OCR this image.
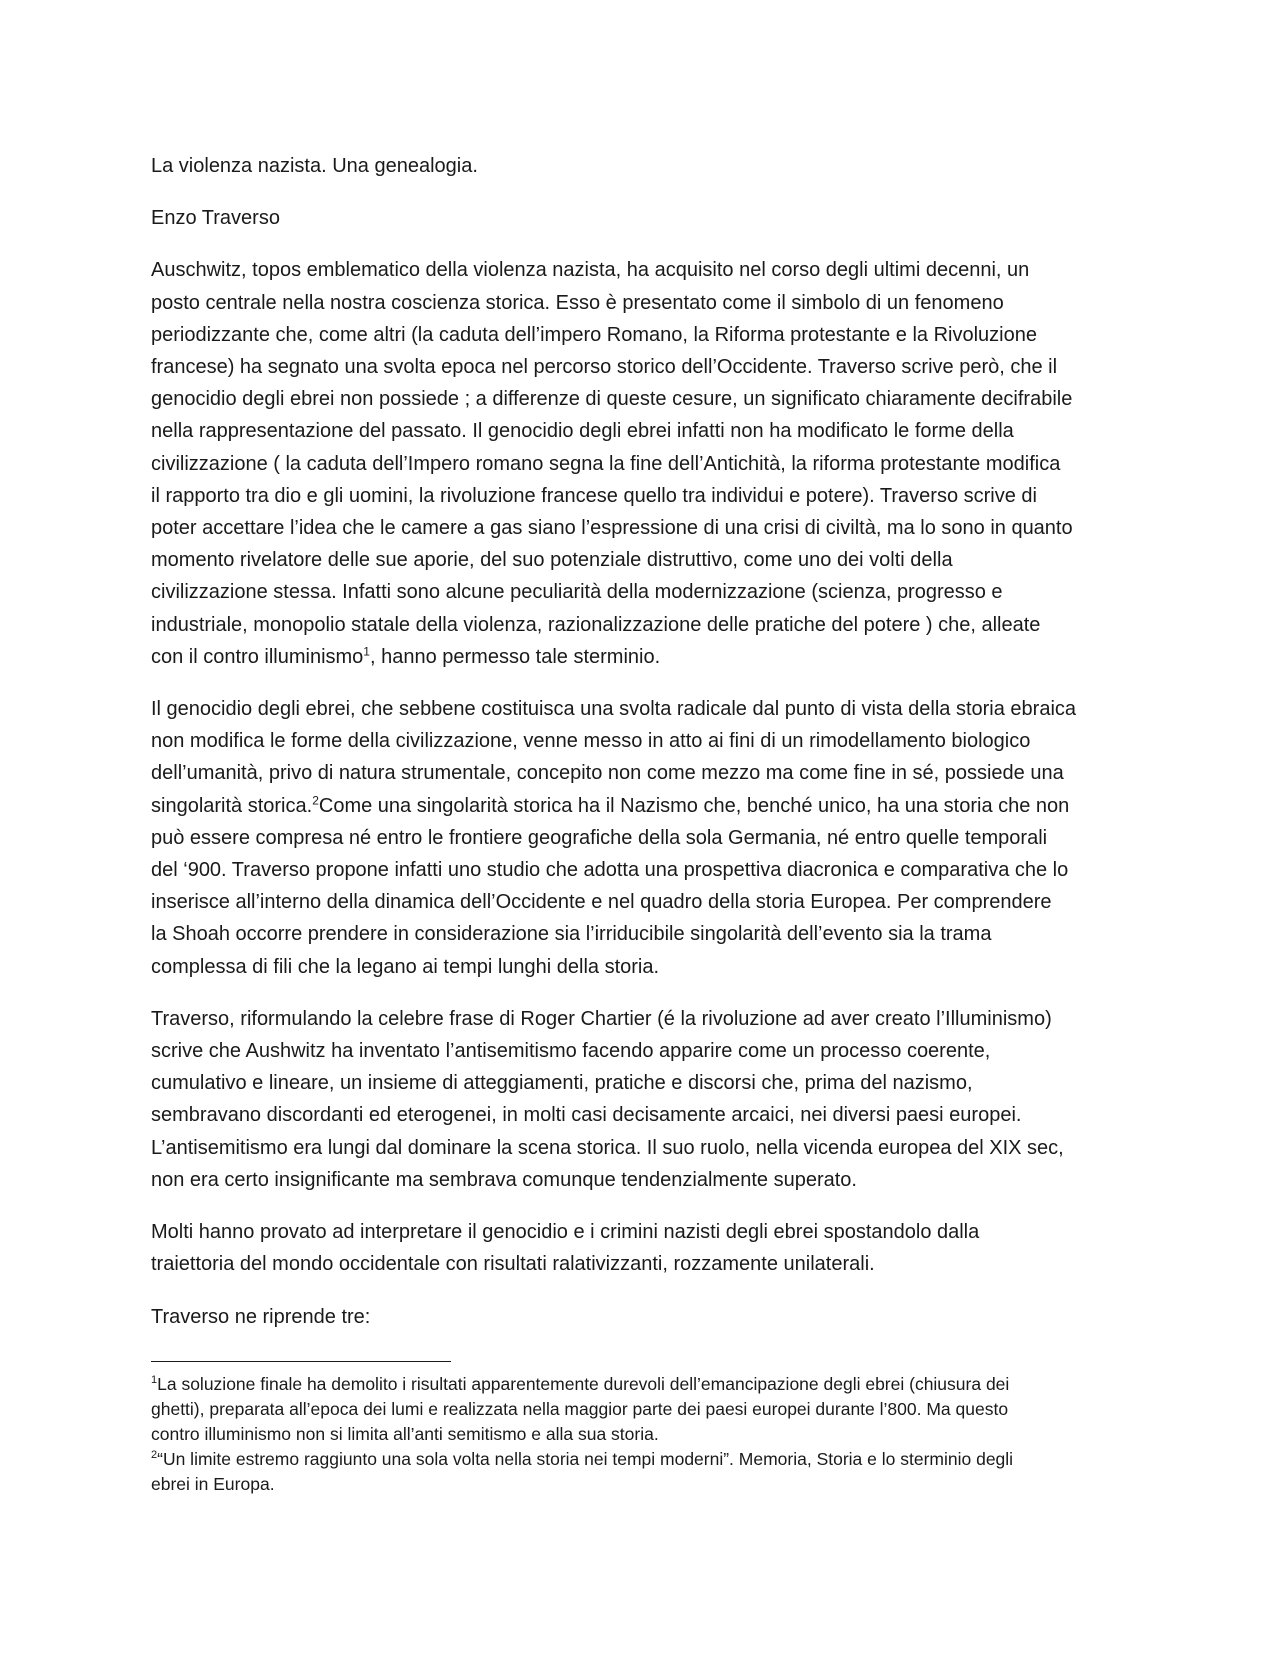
La violenza nazista. Una genealogia.

Enzo Traverso

Auschwitz, topos emblematico della violenza nazista, ha acquisito nel corso degli ultimi decenni, un
posto centrale nella nostra coscienza storica. Esso è presentato come il simbolo di un fenomeno
periodizzante che, come altri (la caduta dell’impero Romano, la Riforma protestante e la Rivoluzione
francese) ha segnato una svolta epoca nel percorso storico dell’Occidente. Traverso scrive però, che il
genocidio degli ebrei non possiede ; a differenze di queste cesure, un significato chiaramente decifrabile
nella rappresentazione del passato. Il genocidio degli ebrei infatti non ha modificato le forme della
civilizzazione ( la caduta dell’Impero romano segna la fine dell’Antichità, la riforma protestante modifica
il rapporto tra dio e gli uomini, la rivoluzione francese quello tra individui e potere). Traverso scrive di
poter accettare l’idea che le camere a gas siano l’espressione di una crisi di civiltà, ma lo sono in quanto
momento rivelatore delle sue aporie, del suo potenziale distruttivo, come uno dei volti della
civilizzazione stessa. Infatti sono alcune peculiarità della modernizzazione (scienza, progresso e
industriale, monopolio statale della violenza, razionalizzazione delle pratiche del potere ) che, alleate
con il contro illuminismo$^1$, hanno permesso tale sterminio.
Il genocidio degli ebrei, che sebbene costituisca una svolta radicale dal punto di vista della storia ebraica
non modifica le forme della civilizzazione, venne messo in atto ai fini di un rimodellamento biologico
dell’umanità, privo di natura strumentale, concepito non come mezzo ma come fine in sé, possiede una
singolarità storica.$^2$Come una singolarità storica ha il Nazismo che, benché unico, ha una storia che non
può essere compresa né entro le frontiere geografiche della sola Germania, né entro quelle temporali
del ‘900. Traverso propone infatti uno studio che adotta una prospettiva diacronica e comparativa che lo
inserisce all’interno della dinamica dell’Occidente e nel quadro della storia Europea. Per comprendere
la Shoah occorre prendere in considerazione sia l’irriducibile singolarità dell’evento sia la trama
complessa di fili che la legano ai tempi lunghi della storia.
Traverso, riformulando la celebre frase di Roger Chartier (é la rivoluzione ad aver creato l’Illuminismo)
scrive che Aushwitz ha inventato l’antisemitismo facendo apparire come un processo coerente,
cumulativo e lineare, un insieme di atteggiamenti, pratiche e discorsi che, prima del nazismo,
sembravano discordanti ed eterogenei, in molti casi decisamente arcaici, nei diversi paesi europei.
L’antisemitismo era lungi dal dominare la scena storica. Il suo ruolo, nella vicenda europea del XIX sec,
non era certo insignificante ma sembrava comunque tendenzialmente superato.
Molti hanno provato ad interpretare il genocidio e i crimini nazisti degli ebrei spostandolo dalla
traiettoria del mondo occidentale con risultati ralativizzanti, rozzamente unilaterali.
Traverso ne riprende tre:
$^1$La soluzione finale ha demolito i risultati apparentemente durevoli dell’emancipazione degli ebrei (chiusura dei
ghetti), preparata all’epoca dei lumi e realizzata nella maggior parte dei paesi europei durante l’800. Ma questo
contro illuminismo non si limita all’anti semitismo e alla sua storia.
$^2$“Un limite estremo raggiunto una sola volta nella storia nei tempi moderni”. Memoria, Storia e lo sterminio degli
ebrei in Europa.
